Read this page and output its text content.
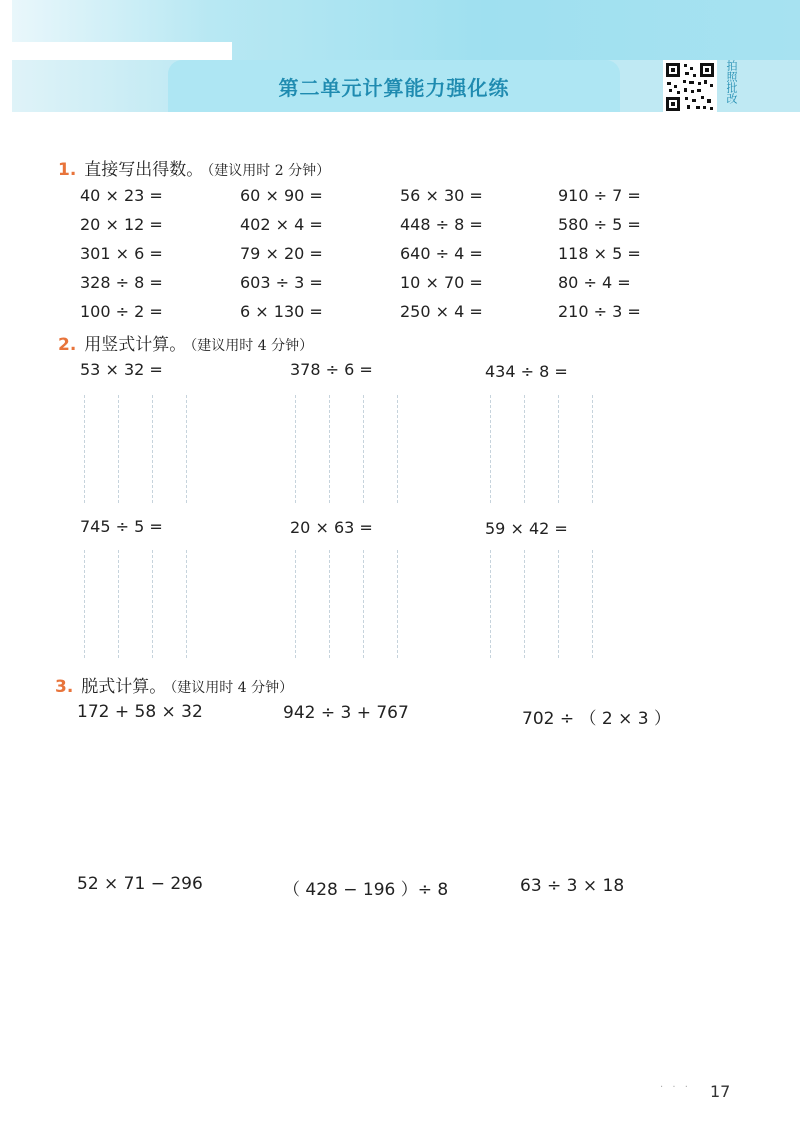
第二单元计算能力强化练	拍照批改
1. 直接写出得数。 （建议用时 2 分钟）
40 × 23 =	60 × 90 =	56 × 30 =	910 ÷ 7 =
20 × 12 =	402 × 4 =	448 ÷ 8 =	580 ÷ 5 =
301 × 6 =	79 × 20 =	640 ÷ 4 =	118 × 5 =
328 ÷ 8 =	603 ÷ 3 =	10 × 70 =	80 ÷ 4 =
100 ÷ 2 =	6 × 130 =	250 × 4 =	210 ÷ 3 =
2. 用竖式计算。 （建议用时 4 分钟）
53 × 32 =	378 ÷ 6 =	434 ÷ 8 =
745 ÷ 5 =	20 × 63 =	59 × 42 =
3. 脱式计算。 （建议用时 4 分钟）
172 + 58 × 32	942 ÷ 3 + 767	702 ÷ （ 2 × 3 ）
52 × 71 − 296	（ 428 − 196 ）÷ 8	63 ÷ 3 × 18
· · · 17
